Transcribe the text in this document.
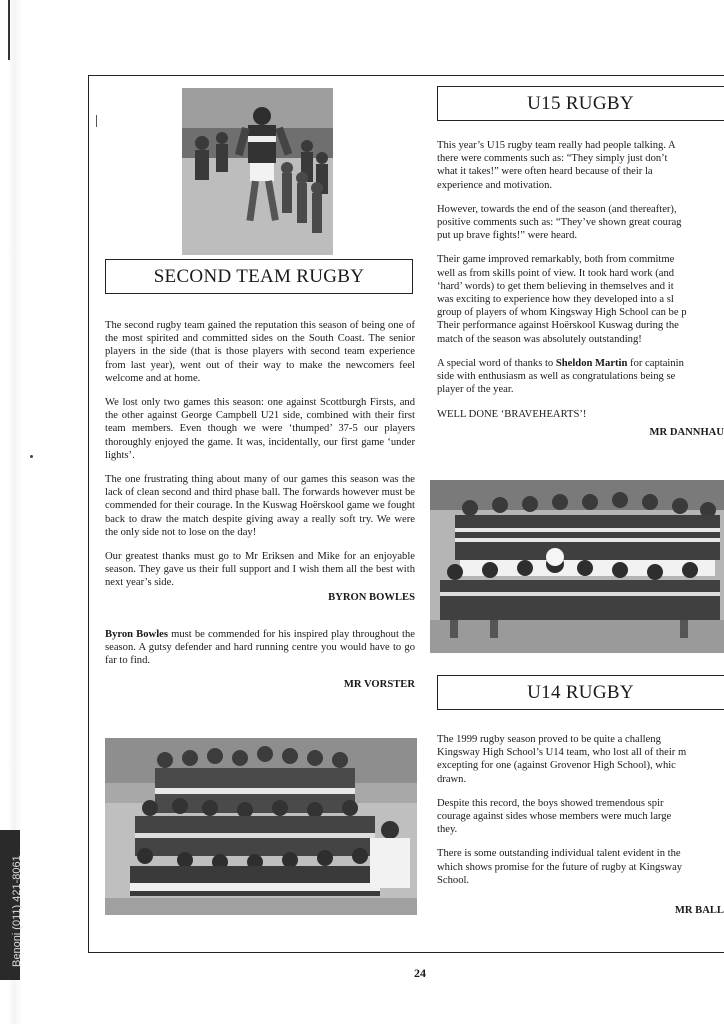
Benoni (011) 421-8061
SECOND TEAM RUGBY

The second rugby team gained the reputation this season of being one of the most spirited and committed sides on the South Coast. The senior players in the side (that is those players with second team experience from last year), went out of their way to make the newcomers feel welcome and at home.

We lost only two games this season: one against Scottburgh Firsts, and the other against George Campbell U21 side, combined with their first team members. Even though we were ‘thumped’ 37-5 our players thoroughly enjoyed the game. It was, incidentally, our first game ‘under lights’.

The one frustrating thing about many of our games this season was the lack of clean second and third phase ball. The forwards however must be commended for their courage. In the Kuswag Hoërskool game we fought back to draw the match despite giving away a really soft try. We were the only side not to lose on the day!

Our greatest thanks must go to Mr Eriksen and Mike for an enjoyable season. They gave us their full support and I wish them all the best with next year’s side.

BYRON BOWLES

Byron Bowles must be commended for his inspired play throughout the season. A gutsy defender and hard running centre you would have to go far to find.

MR VORSTER
U15 RUGBY
This year’s U15 rugby team really had people talking. A
there were comments such as: “They simply just don’t
what it takes!” were often heard because of their la
experience and motivation.
However, towards the end of the season (and thereafter),
positive comments such as: “They’ve shown great courag
put up brave fights!” were heard.
Their game improved remarkably, both from commitme
well as from skills point of view. It took hard work (and
‘hard’ words) to get them believing in themselves and it
was exciting to experience how they developed into a sl
group of players of whom Kingsway High School can be p
Their performance against Hoërskool Kuswag during the
match of the season was absolutely outstanding!
A special word of thanks to Sheldon Martin for captainin
side with enthusiasm as well as congratulations being se
player of the year.
WELL DONE ‘BRAVEHEARTS’!
MR DANNHAU
U14 RUGBY
The 1999 rugby season proved to be quite a challeng
Kingsway High School’s U14 team, who lost all of their m
excepting for one (against Grovenor High School), whic
drawn.
Despite this record, the boys showed tremendous spir
courage against sides whose members were much large
they.
There is some outstanding individual talent evident in the
which shows promise for the future of rugby at Kingsway
School.
MR BALL
24
